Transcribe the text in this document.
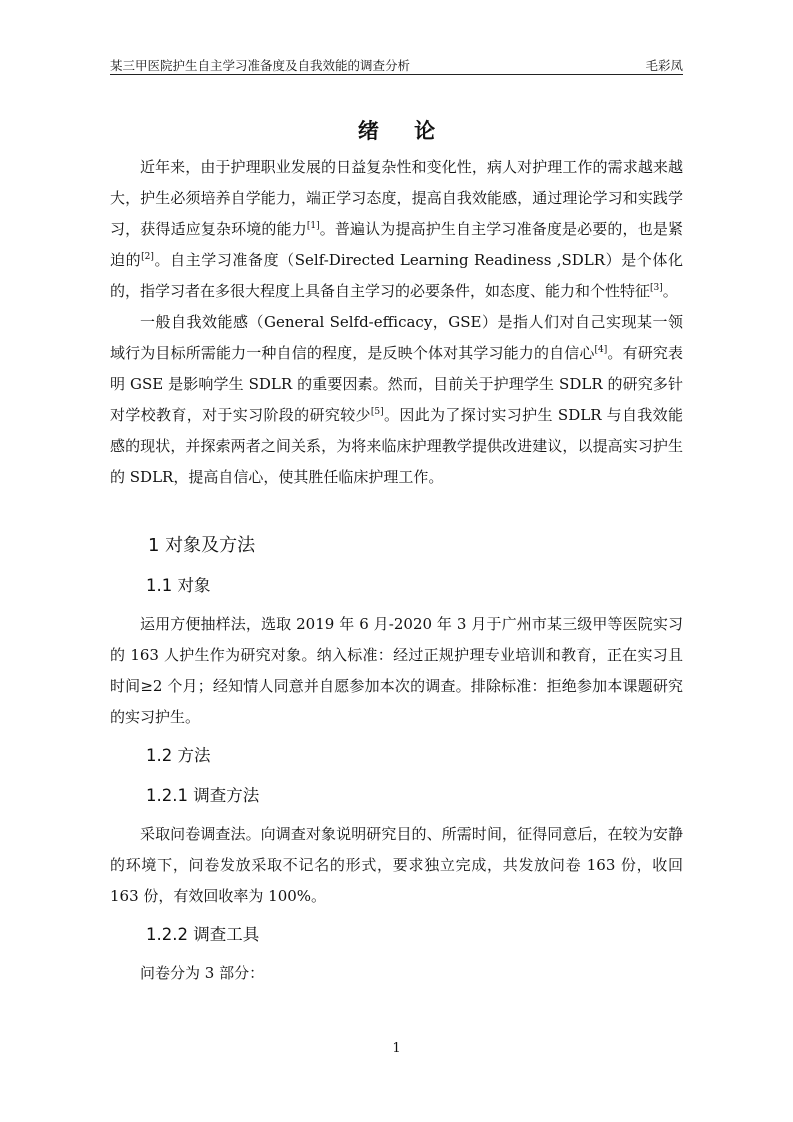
某三甲医院护生自主学习准备度及自我效能的调查分析	毛彩凤
绪 论

近年来，由于护理职业发展的日益复杂性和变化性，病人对护理工作的需求越来越大，护生必须培养自学能力，端正学习态度，提高自我效能感，通过理论学习和实践学习，获得适应复杂环境的能力[1]。普遍认为提高护生自主学习准备度是必要的，也是紧迫的[2]。自主学习准备度（Self-Directed Learning Readiness ,SDLR）是个体化的，指学习者在多很大程度上具备自主学习的必要条件，如态度、能力和个性特征[3]。

一般自我效能感（General Selfd-efficacy，GSE）是指人们对自己实现某一领域行为目标所需能力一种自信的程度，是反映个体对其学习能力的自信心[4]。有研究表明 GSE 是影响学生 SDLR 的重要因素。然而，目前关于护理学生 SDLR 的研究多针对学校教育，对于实习阶段的研究较少[5]。因此为了探讨实习护生 SDLR 与自我效能感的现状，并探索两者之间关系，为将来临床护理教学提供改进建议，以提高实习护生的 SDLR，提高自信心，使其胜任临床护理工作。

1 对象及方法
1.1 对象

运用方便抽样法，选取 2019 年 6 月-2020 年 3 月于广州市某三级甲等医院实习的 163 人护生作为研究对象。纳入标准：经过正规护理专业培训和教育，正在实习且时间≥2 个月；经知情人同意并自愿参加本次的调查。排除标准：拒绝参加本课题研究的实习护生。

1.2 方法
1.2.1 调查方法

采取问卷调查法。向调查对象说明研究目的、所需时间，征得同意后，在较为安静的环境下，问卷发放采取不记名的形式，要求独立完成，共发放问卷 163 份，收回 163 份，有效回收率为 100%。

1.2.2 调查工具

问卷分为 3 部分：

1
